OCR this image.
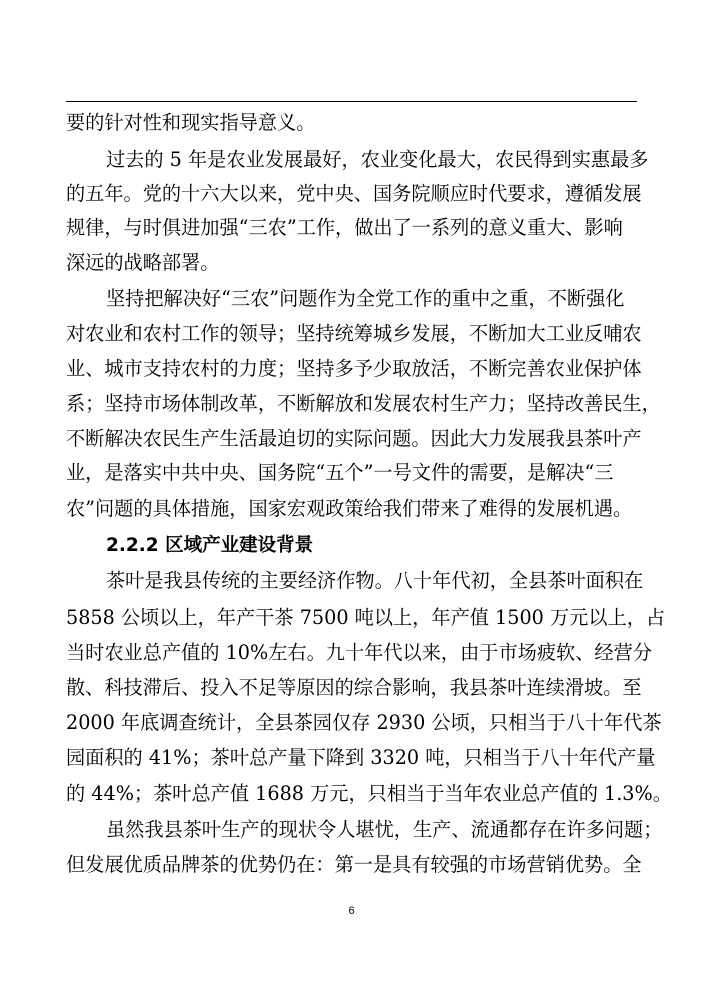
要的针对性和现实指导意义。
过去的 5 年是农业发展最好，农业变化最大，农民得到实惠最多
的五年。党的十六大以来，党中央、国务院顺应时代要求，遵循发展
规律，与时俱进加强“三农”工作，做出了一系列的意义重大、影响
深远的战略部署。
坚持把解决好“三农”问题作为全党工作的重中之重，不断强化
对农业和农村工作的领导；坚持统筹城乡发展，不断加大工业反哺农
业、城市支持农村的力度；坚持多予少取放活，不断完善农业保护体
系；坚持市场体制改革，不断解放和发展农村生产力；坚持改善民生，
不断解决农民生产生活最迫切的实际问题。因此大力发展我县茶叶产
业，是落实中共中央、国务院“五个”一号文件的需要，是解决“三
农”问题的具体措施，国家宏观政策给我们带来了难得的发展机遇。
2.2.2 区域产业建设背景
茶叶是我县传统的主要经济作物。八十年代初，全县茶叶面积在
5858 公顷以上，年产干茶 7500 吨以上，年产值 1500 万元以上，占
当时农业总产值的 10%左右。九十年代以来，由于市场疲软、经营分
散、科技滞后、投入不足等原因的综合影响，我县茶叶连续滑坡。至
2000 年底调查统计，全县茶园仅存 2930 公顷，只相当于八十年代茶
园面积的 41%；茶叶总产量下降到 3320 吨，只相当于八十年代产量
的 44%；茶叶总产值 1688 万元，只相当于当年农业总产值的 1.3%。
虽然我县茶叶生产的现状令人堪忧，生产、流通都存在许多问题；
但发展优质品牌茶的优势仍在：第一是具有较强的市场营销优势。全
6
